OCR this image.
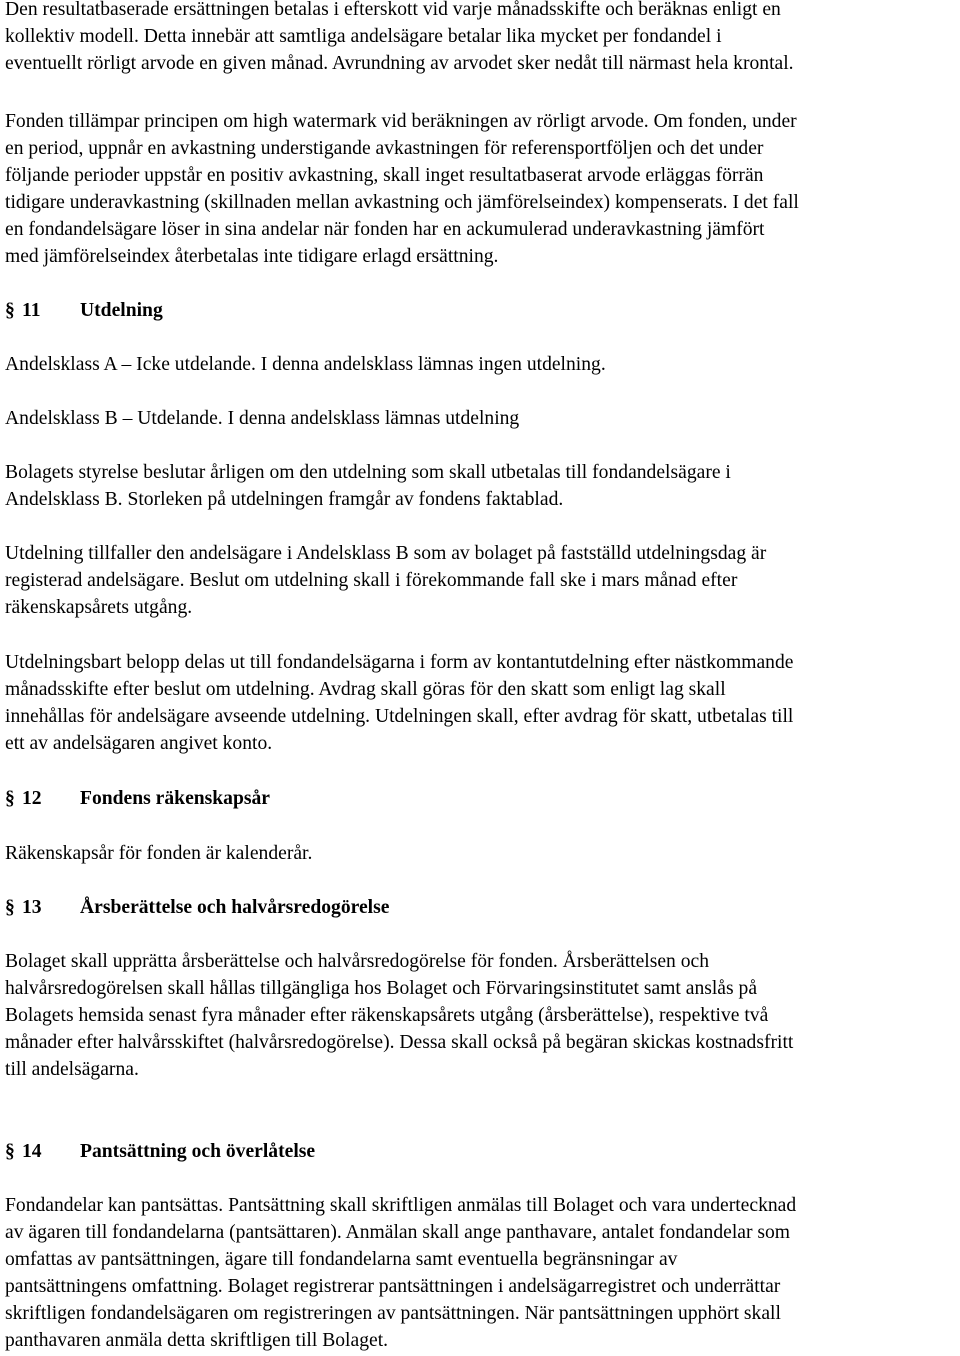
Den resultatbaserade ersättningen betalas i efterskott vid varje månadsskifte och beräknas enligt en
kollektiv modell. Detta innebär att samtliga andelsägare betalar lika mycket per fondandel i
eventuellt rörligt arvode en given månad. Avrundning av arvodet sker nedåt till närmast hela krontal.
Fonden tillämpar principen om high watermark vid beräkningen av rörligt arvode. Om fonden, under
en period, uppnår en avkastning understigande avkastningen för referensportföljen och det under
följande perioder uppstår en positiv avkastning, skall inget resultatbaserat arvode erläggas förrän
tidigare underavkastning (skillnaden mellan avkastning och jämförelseindex) kompenserats. I det fall
en fondandelsägare löser in sina andelar när fonden har en ackumulerad underavkastning jämfört
med jämförelseindex återbetalas inte tidigare erlagd ersättning.
§ 11	Utdelning
Andelsklass A – Icke utdelande. I denna andelsklass lämnas ingen utdelning.
Andelsklass B – Utdelande. I denna andelsklass lämnas utdelning
Bolagets styrelse beslutar årligen om den utdelning som skall utbetalas till fondandelsägare i
Andelsklass B. Storleken på utdelningen framgår av fondens faktablad.
Utdelning tillfaller den andelsägare i Andelsklass B som av bolaget på fastställd utdelningsdag är
registerad andelsägare. Beslut om utdelning skall i förekommande fall ske i mars månad efter
räkenskapsårets utgång.
Utdelningsbart belopp delas ut till fondandelsägarna i form av kontantutdelning efter nästkommande
månadsskifte efter beslut om utdelning. Avdrag skall göras för den skatt som enligt lag skall
innehållas för andelsägare avseende utdelning. Utdelningen skall, efter avdrag för skatt, utbetalas till
ett av andelsägaren angivet konto.
§ 12	Fondens räkenskapsår
Räkenskapsår för fonden är kalenderår.
§ 13	Årsberättelse och halvårsredogörelse
Bolaget skall upprätta årsberättelse och halvårsredogörelse för fonden. Årsberättelsen och
halvårsredogörelsen skall hållas tillgängliga hos Bolaget och Förvaringsinstitutet samt anslås på
Bolagets hemsida senast fyra månader efter räkenskapsårets utgång (årsberättelse), respektive två
månader efter halvårsskiftet (halvårsredogörelse). Dessa skall också på begäran skickas kostnadsfritt
till andelsägarna.
§ 14	Pantsättning och överlåtelse
Fondandelar kan pantsättas. Pantsättning skall skriftligen anmälas till Bolaget och vara undertecknad
av ägaren till fondandelarna (pantsättaren). Anmälan skall ange panthavare, antalet fondandelar som
omfattas av pantsättningen, ägare till fondandelarna samt eventuella begränsningar av
pantsättningens omfattning. Bolaget registrerar pantsättningen i andelsägarregistret och underrättar
skriftligen fondandelsägaren om registreringen av pantsättningen. När pantsättningen upphört skall
panthavaren anmäla detta skriftligen till Bolaget.
